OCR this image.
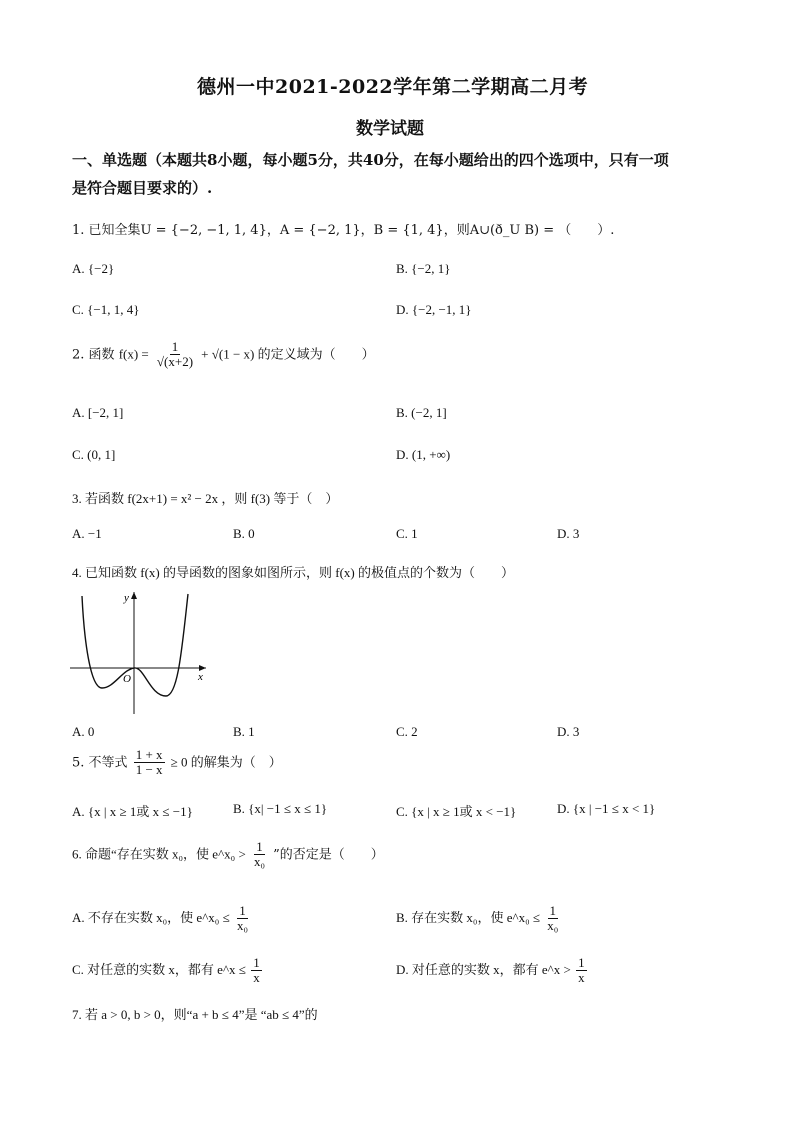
德州一中2021-2022学年第二学期高二月考
数学试题
一、单选题（本题共8小题，每小题5分，共40分，在每小题给出的四个选项中，只有一项
是符合题目要求的）.
1. 已知全集U = {−2, −1, 1, 4}，A = {−2, 1}，B = {1, 4}，则A∪(ð_U B) = （　　）.
A. {−2}	B. {−2, 1}
C. {−1, 1, 4}	D. {−2, −1, 1}
2. 函数 $f(x) = \frac{1}{√(x+2)} + √(1 - x)$ 的定义域为（　　）
A. [−2, 1]	B. (−2, 1]
C. (0, 1]	D. (1, +∞)
3. 若函数 f(2x+1) = x² − 2x ，则 f(3) 等于（　）
A. −1	B. 0	C. 1	D. 3
4. 已知函数 f(x) 的导函数的图象如图所示，则 f(x) 的极值点的个数为（　　）
y
x
O
A. 0	B. 1	C. 2	D. 3
5. 不等式 $\frac{1 + x}{1 - x} \ge 0$ 的解集为（　）
A. {x | x ≥ 1或 x ≤ −1}	B. {x| −1 ≤ x ≤ 1}	C. {x | x ≥ 1或 x < −1}	D. {x | −1 ≤ x < 1}
6. 命题“存在实数 x₀，使 e^x₀ > $\frac{1}{\text{x₀}}$ ”的否定是（　　）
A. 不存在实数 x₀，使 e^x₀ ≤ $\frac{1}{\text{x₀}}$	B. 存在实数 x₀，使 e^x₀ ≤ $\frac{1}{\text{x₀}}$
C. 对任意的实数 x，都有 e^x ≤ $\frac{1}{x}$	D. 对任意的实数 x，都有 e^x > $\frac{1}{x}$
7. 若 a > 0, b > 0，则“a + b ≤ 4”是 “ab ≤ 4”的
